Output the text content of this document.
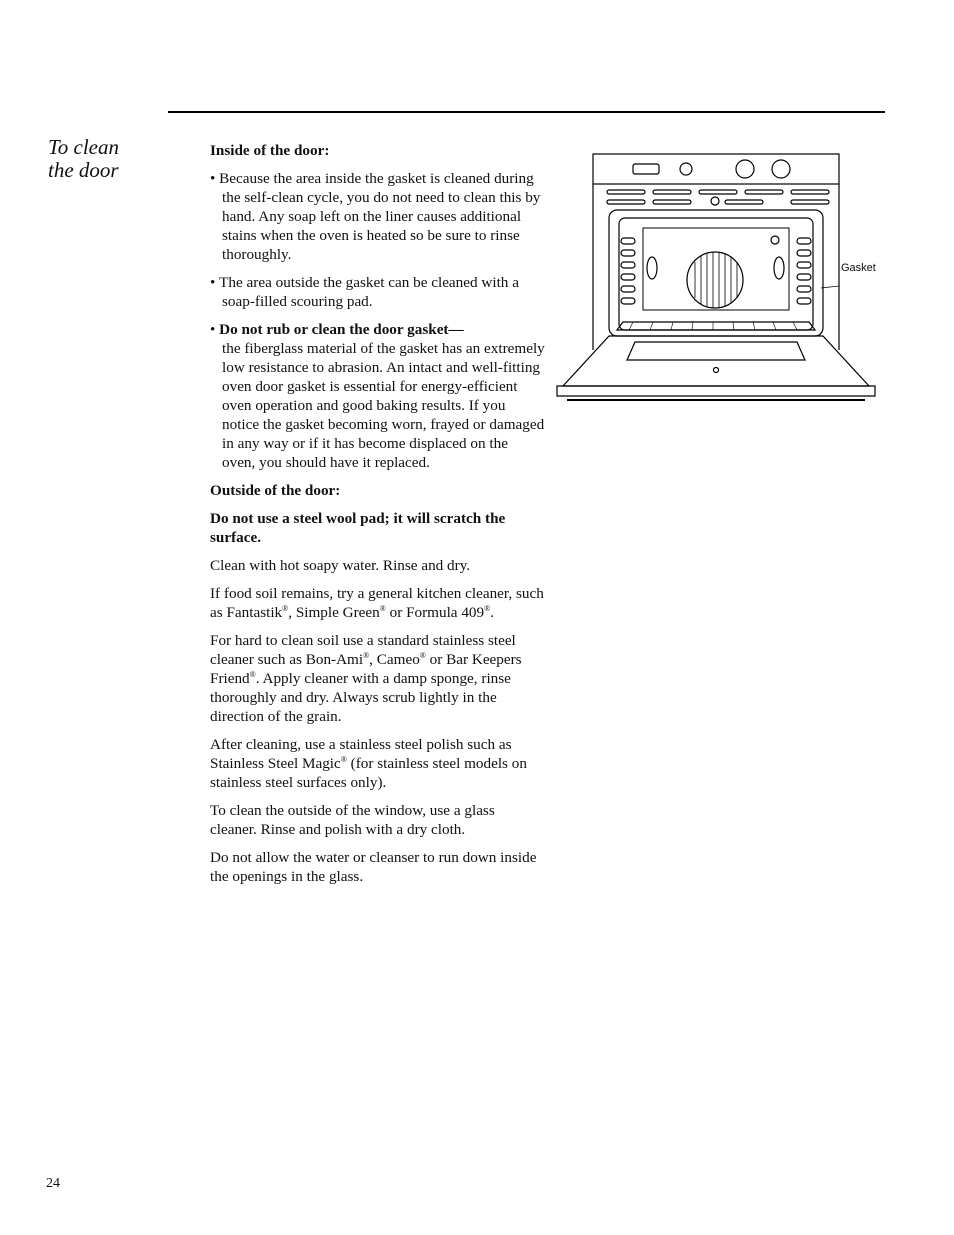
To clean
the door

Inside of the door:

• Because the area inside the gasket is cleaned during the self-clean cycle, you do not need to clean this by hand. Any soap left on the liner causes additional stains when the oven is heated so be sure to rinse thoroughly.

• The area outside the gasket can be cleaned with a soap-filled scouring pad.

• Do not rub or clean the door gasket—
the fiberglass material of the gasket has an extremely low resistance to abrasion. An intact and well-fitting oven door gasket is essential for energy-efficient oven operation and good baking results. If you notice the gasket becoming worn, frayed or damaged in any way or if it has become displaced on the oven, you should have it replaced.

Outside of the door:

Do not use a steel wool pad; it will scratch the surface.

Clean with hot soapy water. Rinse and dry.

If food soil remains, try a general kitchen cleaner, such as Fantastik®, Simple Green® or Formula 409®.

For hard to clean soil use a standard stainless steel cleaner such as Bon-Ami®, Cameo® or Bar Keepers Friend®. Apply cleaner with a damp sponge, rinse thoroughly and dry. Always scrub lightly in the direction of the grain.

After cleaning, use a stainless steel polish such as Stainless Steel Magic® (for stainless steel models on stainless steel surfaces only).

To clean the outside of the window, use a glass cleaner. Rinse and polish with a dry cloth.

Do not allow the water or cleanser to run down inside the openings in the glass.

Gasket
24
